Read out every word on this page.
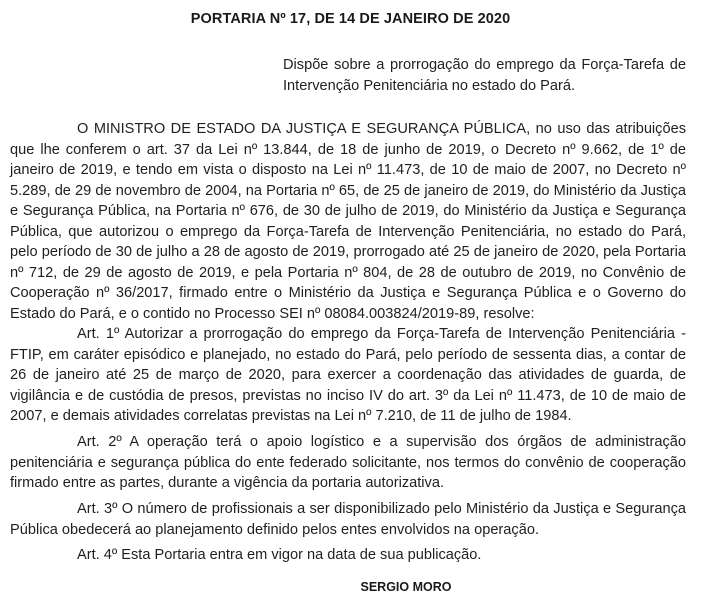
PORTARIA Nº 17, DE 14 DE JANEIRO DE 2020
Dispõe sobre a prorrogação do emprego da Força-Tarefa de Intervenção Penitenciária no estado do Pará.

O MINISTRO DE ESTADO DA JUSTIÇA E SEGURANÇA PÚBLICA, no uso das atribuições que lhe conferem o art. 37 da Lei nº 13.844, de 18 de junho de 2019, o Decreto nº 9.662, de 1º de janeiro de 2019, e tendo em vista o disposto na Lei nº 11.473, de 10 de maio de 2007, no Decreto nº 5.289, de 29 de novembro de 2004, na Portaria nº 65, de 25 de janeiro de 2019, do Ministério da Justiça e Segurança Pública, na Portaria nº 676, de 30 de julho de 2019, do Ministério da Justiça e Segurança Pública, que autorizou o emprego da Força-Tarefa de Intervenção Penitenciária, no estado do Pará, pelo período de 30 de julho a 28 de agosto de 2019, prorrogado até 25 de janeiro de 2020, pela Portaria nº 712, de 29 de agosto de 2019, e pela Portaria nº 804, de 28 de outubro de 2019, no Convênio de Cooperação nº 36/2017, firmado entre o Ministério da Justiça e Segurança Pública e o Governo do Estado do Pará, e o contido no Processo SEI nº 08084.003824/2019-89, resolve:

Art. 1º Autorizar a prorrogação do emprego da Força-Tarefa de Intervenção Penitenciária - FTIP, em caráter episódico e planejado, no estado do Pará, pelo período de sessenta dias, a contar de 26 de janeiro até 25 de março de 2020, para exercer a coordenação das atividades de guarda, de vigilância e de custódia de presos, previstas no inciso IV do art. 3º da Lei nº 11.473, de 10 de maio de 2007, e demais atividades correlatas previstas na Lei nº 7.210, de 11 de julho de 1984.

Art. 2º A operação terá o apoio logístico e a supervisão dos órgãos de administração penitenciária e segurança pública do ente federado solicitante, nos termos do convênio de cooperação firmado entre as partes, durante a vigência da portaria autorizativa.

Art. 3º O número de profissionais a ser disponibilizado pelo Ministério da Justiça e Segurança Pública obedecerá ao planejamento definido pelos entes envolvidos na operação.

Art. 4º Esta Portaria entra em vigor na data de sua publicação.

SERGIO MORO
